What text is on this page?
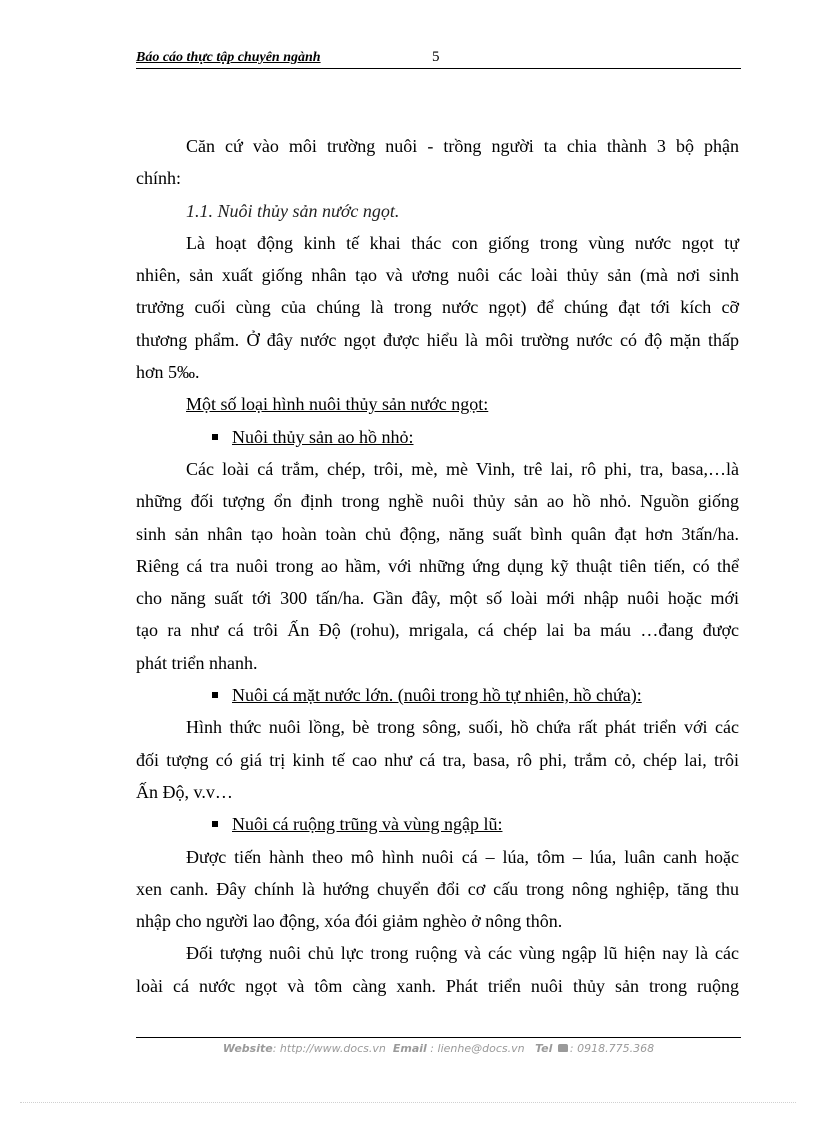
Báo cáo thực tập chuyên ngành	5
Căn cứ vào môi trường nuôi - trồng người ta chia thành 3 bộ phận
chính:
1.1. Nuôi thủy sản nước ngọt.
Là hoạt động kinh tế khai thác con giống trong vùng nước ngọt tự
nhiên, sản xuất giống nhân tạo và ương nuôi các loài thủy sản (mà nơi sinh
trưởng cuối cùng của chúng là trong nước ngọt) để chúng đạt tới kích cỡ
thương phẩm. Ở đây nước ngọt được hiểu là môi trường nước có độ mặn thấp
hơn 5‰.
Một số loại hình nuôi thủy sản nước ngọt:
Nuôi thủy sản ao hồ nhỏ:
Các loài cá trắm, chép, trôi, mè, mè Vinh, trê lai, rô phi, tra, basa,…là
những đối tượng ổn định trong nghề nuôi thủy sản ao hồ nhỏ. Nguồn giống
sinh sản nhân tạo hoàn toàn chủ động, năng suất bình quân đạt hơn 3tấn/ha.
Riêng cá tra nuôi trong ao hầm, với những ứng dụng kỹ thuật tiên tiến, có thể
cho năng suất tới 300 tấn/ha. Gần đây, một số loài mới nhập nuôi hoặc mới
tạo ra như cá trôi Ấn Độ (rohu), mrigala, cá chép lai ba máu …đang được
phát triển nhanh.
Nuôi cá mặt nước lớn. (nuôi trong hồ tự nhiên, hồ chứa):
Hình thức nuôi lồng, bè trong sông, suối, hồ chứa rất phát triển với các
đối tượng có giá trị kinh tế cao như cá tra, basa, rô phi, trắm cỏ, chép lai, trôi
Ấn Độ, v.v…
Nuôi cá ruộng trũng và vùng ngập lũ:
Được tiến hành theo mô hình nuôi cá – lúa, tôm – lúa, luân canh hoặc
xen canh. Đây chính là hướng chuyển đổi cơ cấu trong nông nghiệp, tăng thu
nhập cho người lao động, xóa đói giảm nghèo ở nông thôn.
Đối tượng nuôi chủ lực trong ruộng và các vùng ngập lũ hiện nay là các
loài cá nước ngọt và tôm càng xanh. Phát triển nuôi thủy sản trong ruộng
Website: http://www.docs.vn Email : lienhe@docs.vn Tel : 0918.775.368
